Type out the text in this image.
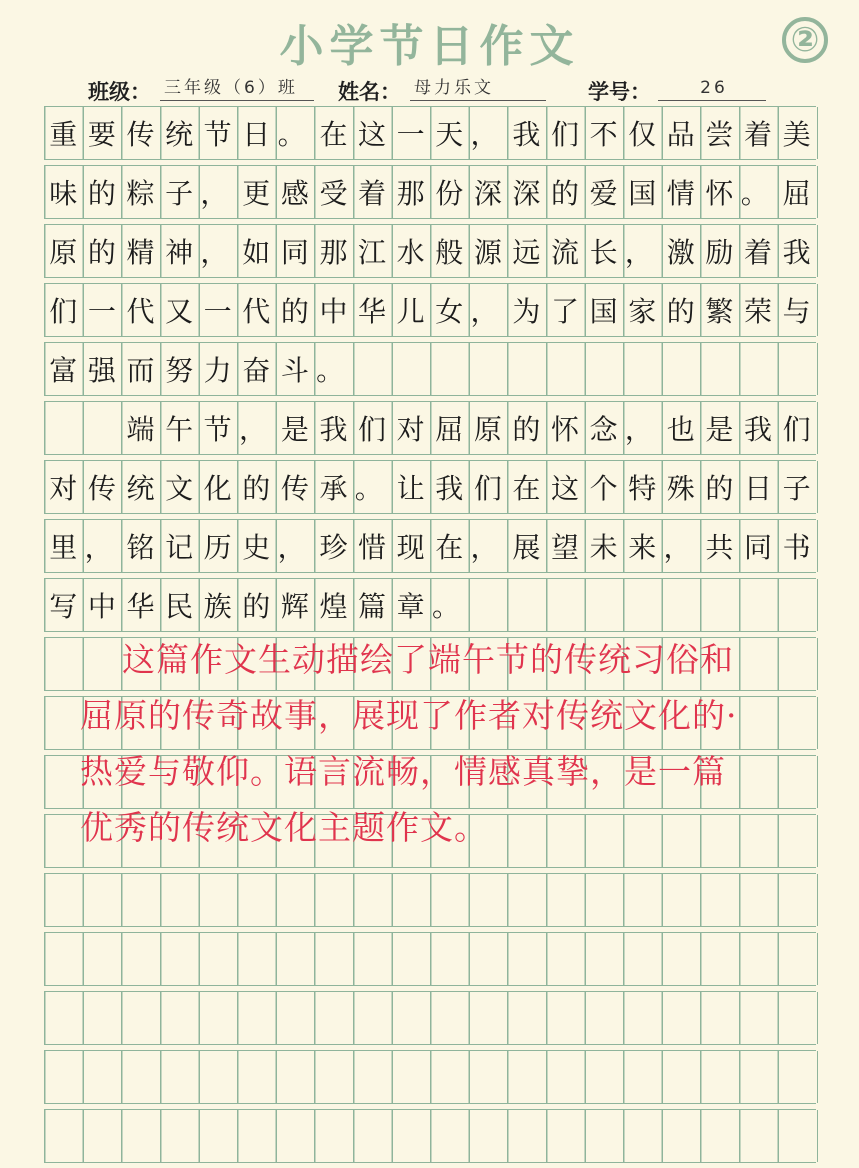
小学节日作文	②
班级： 三年级（6）班	姓名： 母力乐文	学号：	26
重 要 传 统 节 日 。 在 这 一 天 ， 我 们 不 仅 品 尝 着 美
味 的 粽 子 ， 更 感 受 着 那 份 深 深 的 爱 国 情 怀 。 屈
原 的 精 神 ， 如 同 那 江 水 般 源 远 流 长 ， 激 励 着 我
们 一 代 又 一 代 的 中 华 儿 女 ， 为 了 国 家 的 繁 荣 与
富 强 而 努 力 奋 斗 。

端 午 节 ， 是 我 们 对 屈 原 的 怀 念 ， 也 是 我 们
对 传 统 文 化 的 传 承 。 让 我 们 在 这 个 特 殊 的 日 子
里 ， 铭 记 历 史 ， 珍 惜 现 在 ， 展 望 未 来 ， 共 同 书
写 中 华 民 族 的 辉 煌 篇 章 。
这篇作文生动描绘了端午节的传统习俗和
屈原的传奇故事，展现了作者对传统文化的·
热爱与敬仰。语言流畅，情感真挚，是一篇
优秀的传统文化主题作文。
